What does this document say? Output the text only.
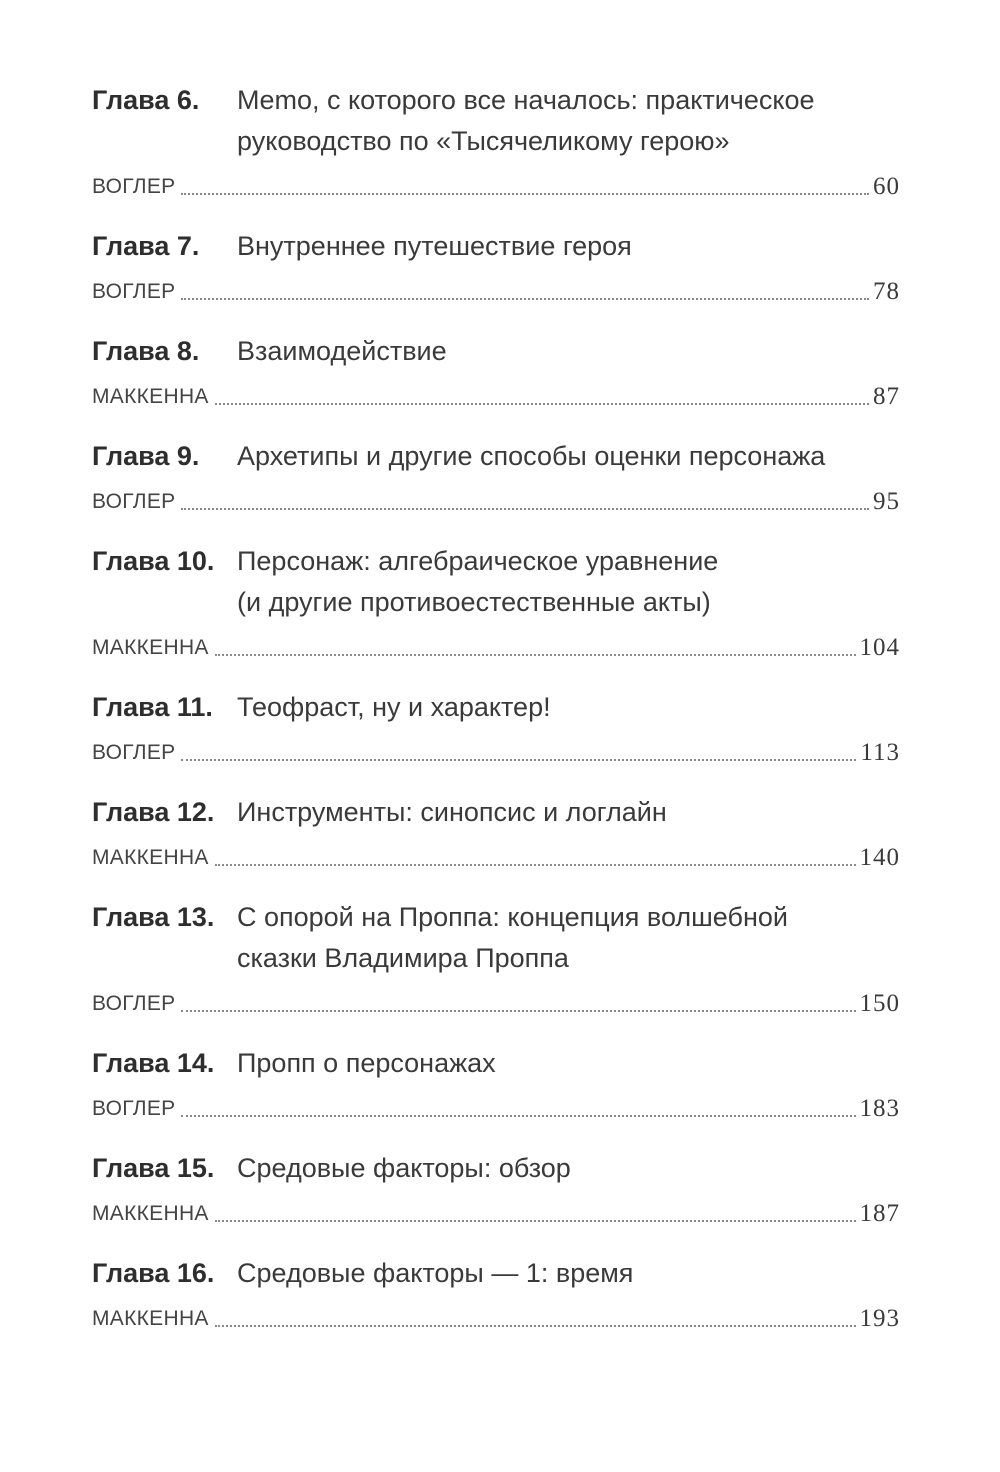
Глава 6.	Memo, с которого все началось: практическое
руководство по «Тысячеликому герою»
ВОГЛЕР	60
Глава 7.	Внутреннее путешествие героя
ВОГЛЕР	78
Глава 8.	Взаимодействие
МАККЕННА	87
Глава 9.	Архетипы и другие способы оценки персонажа
ВОГЛЕР	95
Глава 10. Персонаж: алгебраическое уравнение
(и другие противоестественные акты)
МАККЕННА	104
Глава 11. Теофраст, ну и характер!
ВОГЛЕР	113
Глава 12. Инструменты: синопсис и логлайн
МАККЕННА	140
Глава 13. С опорой на Проппа: концепция волшебной
сказки Владимира Проппа
ВОГЛЕР	150
Глава 14. Пропп о персонажах
ВОГЛЕР	183
Глава 15. Средовые факторы: обзор
МАККЕННА	187
Глава 16. Средовые факторы — 1: время
МАККЕННА	193
